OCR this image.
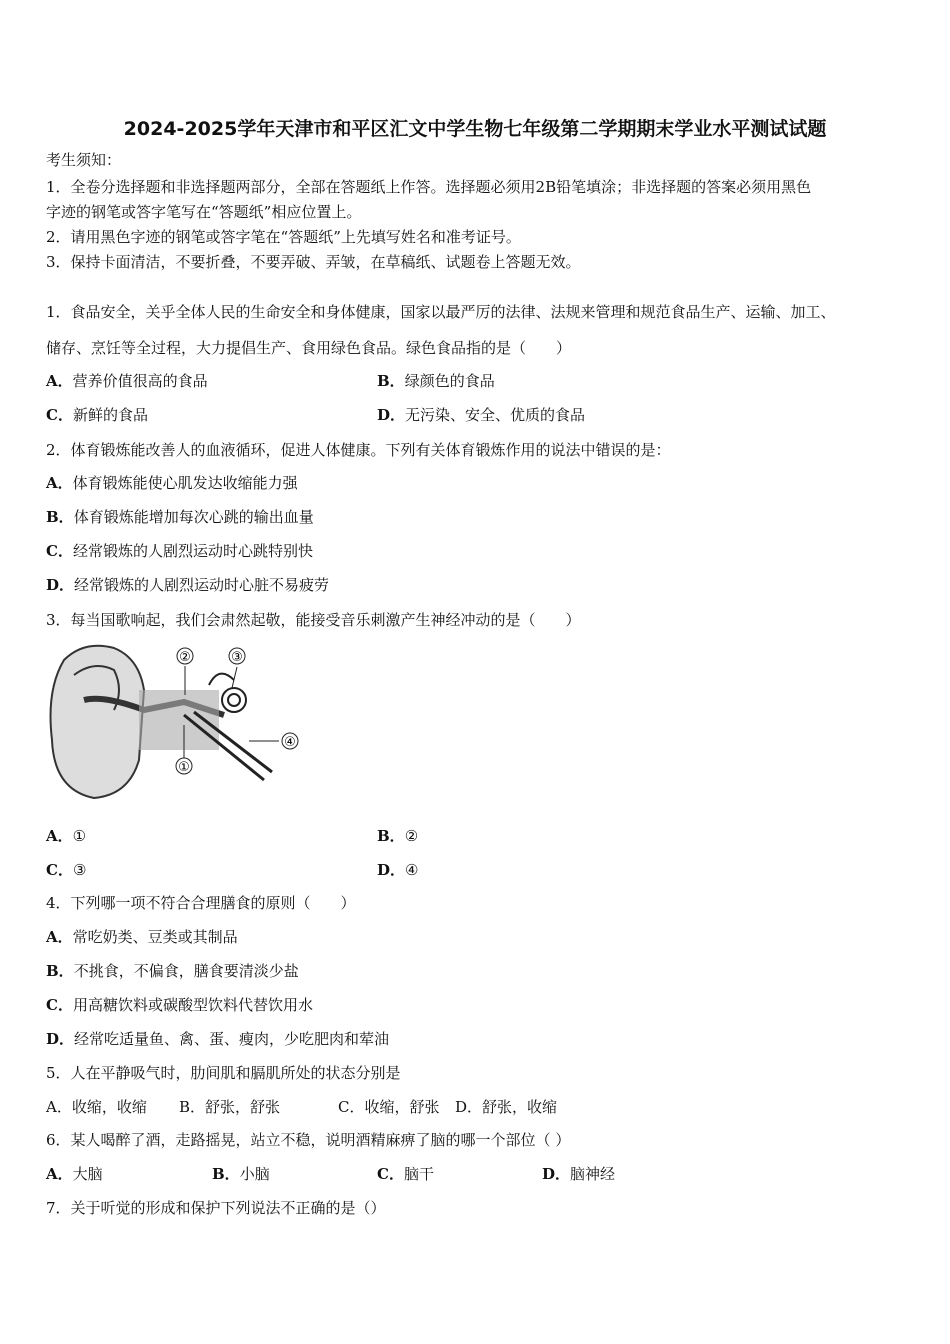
2024-2025学年天津市和平区汇文中学生物七年级第二学期期末学业水平测试试题
考生须知：
1．全卷分选择题和非选择题两部分，全部在答题纸上作答。选择题必须用2B铅笔填涂；非选择题的答案必须用黑色
字迹的钢笔或答字笔写在“答题纸”相应位置上。
2．请用黑色字迹的钢笔或答字笔在“答题纸”上先填写姓名和准考证号。
3．保持卡面清洁，不要折叠，不要弄破、弄皱，在草稿纸、试题卷上答题无效。
1．食品安全，关乎全体人民的生命安全和身体健康，国家以最严厉的法律、法规来管理和规范食品生产、运输、加工、
储存、烹饪等全过程，大力提倡生产、食用绿色食品。绿色食品指的是（　　）
A．营养价值很高的食品	B．绿颜色的食品
C．新鲜的食品	D．无污染、安全、优质的食品
2．体育锻炼能改善人的血液循环，促进人体健康。下列有关体育锻炼作用的说法中错误的是：
A．体育锻炼能使心肌发达收缩能力强
B．体育锻炼能增加每次心跳的输出血量
C．经常锻炼的人剧烈运动时心跳特别快
D．经常锻炼的人剧烈运动时心脏不易疲劳
3．每当国歌响起，我们会肃然起敬，能接受音乐刺激产生神经冲动的是（　　）
②	③
①
④
A．①	B．②
C．③	D．④
4．下列哪一项不符合合理膳食的原则（　　）
A．常吃奶类、豆类或其制品
B．不挑食，不偏食，膳食要清淡少盐
C．用高糖饮料或碳酸型饮料代替饮用水
D．经常吃适量鱼、禽、蛋、瘦肉，少吃肥肉和荤油
5．人在平静吸气时，肋间肌和膈肌所处的状态分别是
A．收缩，收缩 B．舒张，舒张	C．收缩，舒张 D．舒张，收缩
6．某人喝醉了酒，走路摇晃，站立不稳，说明酒精麻痹了脑的哪一个部位（ ）
A．大脑	B．小脑	C．脑干	D．脑神经
7．关于听觉的形成和保护下列说法不正确的是（）
